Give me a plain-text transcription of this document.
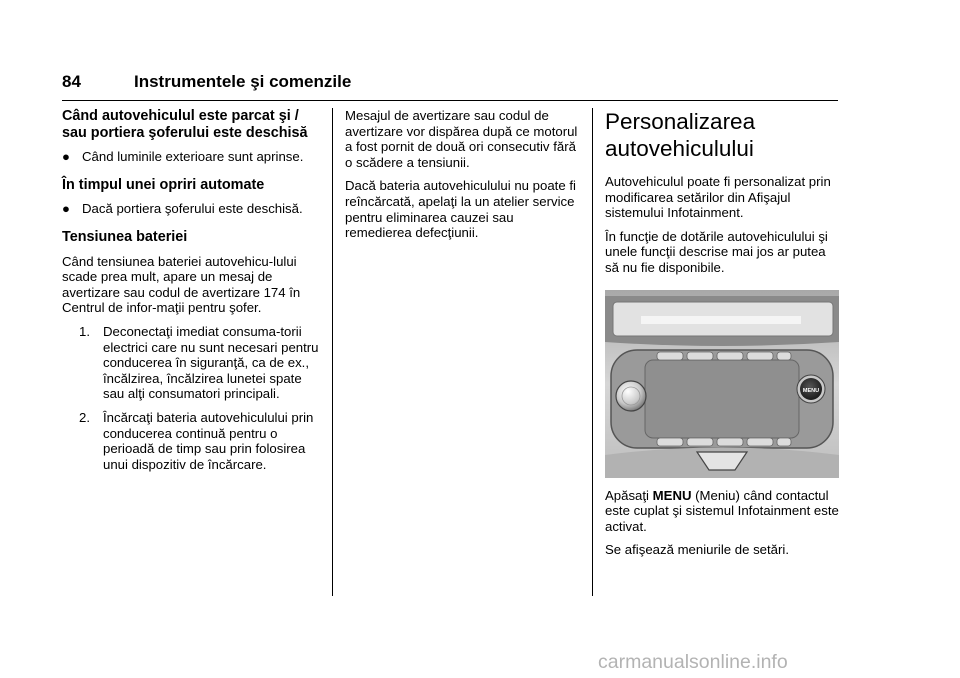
84	Instrumentele şi comenzile
Când autovehiculul este parcat şi / sau portiera şoferului este deschisă
● Când luminile exterioare sunt aprinse.
În timpul unei opriri automate
● Dacă portiera şoferului este deschisă.
Tensiunea bateriei

Când tensiunea bateriei autovehicu-lului scade prea mult, apare un mesaj de avertizare sau codul de avertizare 174 în Centrul de infor-maţii pentru şofer.

1. Deconectaţi imediat consuma-torii electrici care nu sunt necesari pentru conducerea în siguranţă, ca de ex., încălzirea, încălzirea lunetei spate sau alţi consumatori principali.
2. Încărcaţi bateria autovehiculului prin conducerea continuă pentru o perioadă de timp sau prin folosirea unui dispozitiv de încărcare.

Mesajul de avertizare sau codul de avertizare vor dispărea după ce motorul a fost pornit de două ori consecutiv fără o scădere a tensiunii.

Dacă bateria autovehiculului nu poate fi reîncărcată, apelaţi la un atelier service pentru eliminarea cauzei sau remedierea defecţiunii.

Personalizarea autovehiculului

Autovehiculul poate fi personalizat prin modificarea setărilor din Afişajul sistemului Infotainment.

În funcţie de dotările autovehiculului şi unele funcţii descrise mai jos ar putea să nu fie disponibile.

MENU

Apăsaţi MENU (Meniu) când contactul este cuplat şi sistemul Infotainment este activat.

Se afişează meniurile de setări.

carmanualsonline.info
